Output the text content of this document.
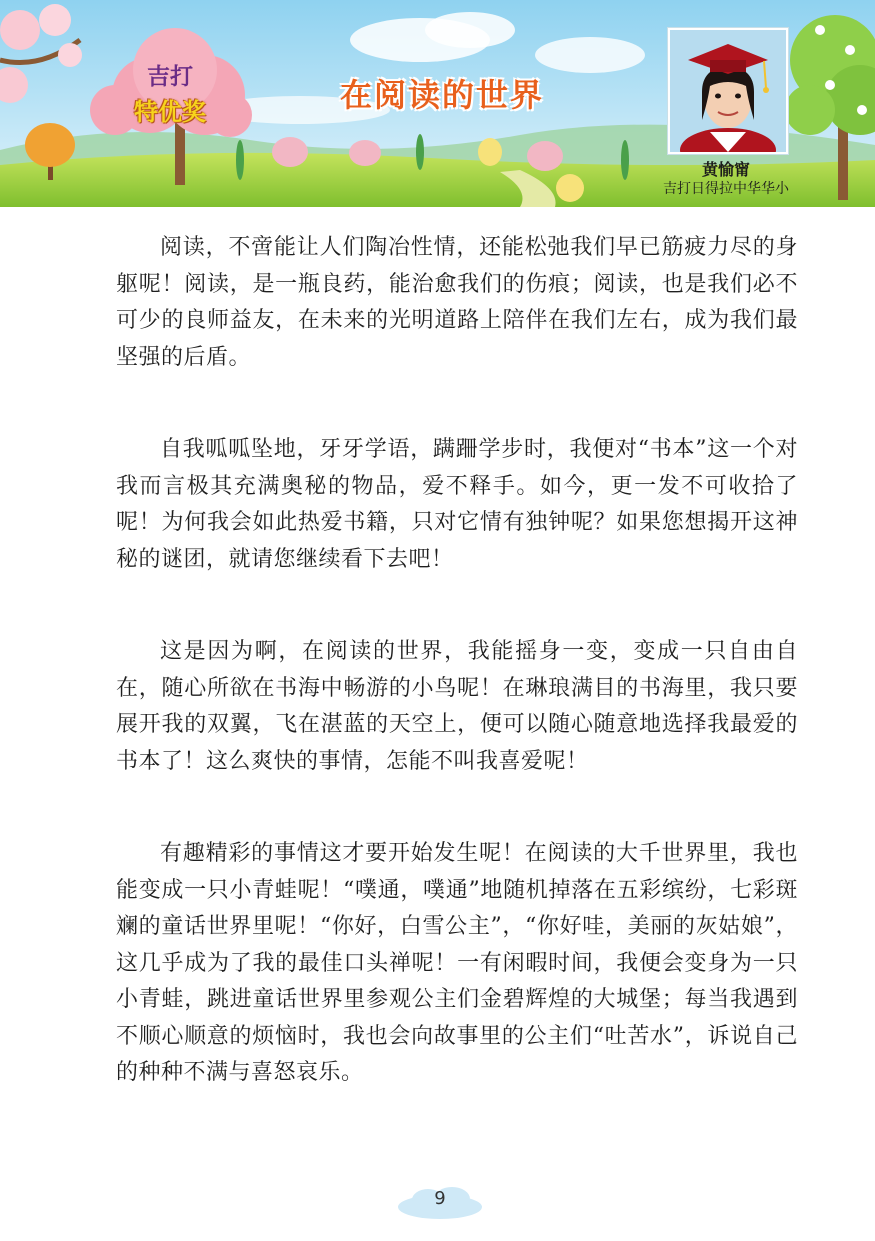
吉打
特优奖	在阅读的世界
黄愉甯
吉打日得拉中华华小

阅读，不啻能让人们陶冶性情，还能松弛我们早已筋疲力尽的身躯呢！阅读，是一瓶良药，能治愈我们的伤痕；阅读，也是我们必不可少的良师益友，在未来的光明道路上陪伴在我们左右，成为我们最坚强的后盾。

自我呱呱坠地，牙牙学语，蹒跚学步时，我便对“书本”这一个对我而言极其充满奥秘的物品，爱不释手。如今，更一发不可收拾了呢！为何我会如此热爱书籍，只对它情有独钟呢？如果您想揭开这神秘的谜团，就请您继续看下去吧！

这是因为啊，在阅读的世界，我能摇身一变，变成一只自由自在，随心所欲在书海中畅游的小鸟呢！在琳琅满目的书海里，我只要展开我的双翼，飞在湛蓝的天空上，便可以随心随意地选择我最爱的书本了！这么爽快的事情，怎能不叫我喜爱呢！

有趣精彩的事情这才要开始发生呢！在阅读的大千世界里，我也能变成一只小青蛙呢！“噗通，噗通”地随机掉落在五彩缤纷，七彩斑斓的童话世界里呢！“你好，白雪公主”，“你好哇，美丽的灰姑娘”，这几乎成为了我的最佳口头禅呢！一有闲暇时间，我便会变身为一只小青蛙，跳进童话世界里参观公主们金碧辉煌的大城堡；每当我遇到不顺心顺意的烦恼时，我也会向故事里的公主们“吐苦水”，诉说自己的种种不满与喜怒哀乐。

9
